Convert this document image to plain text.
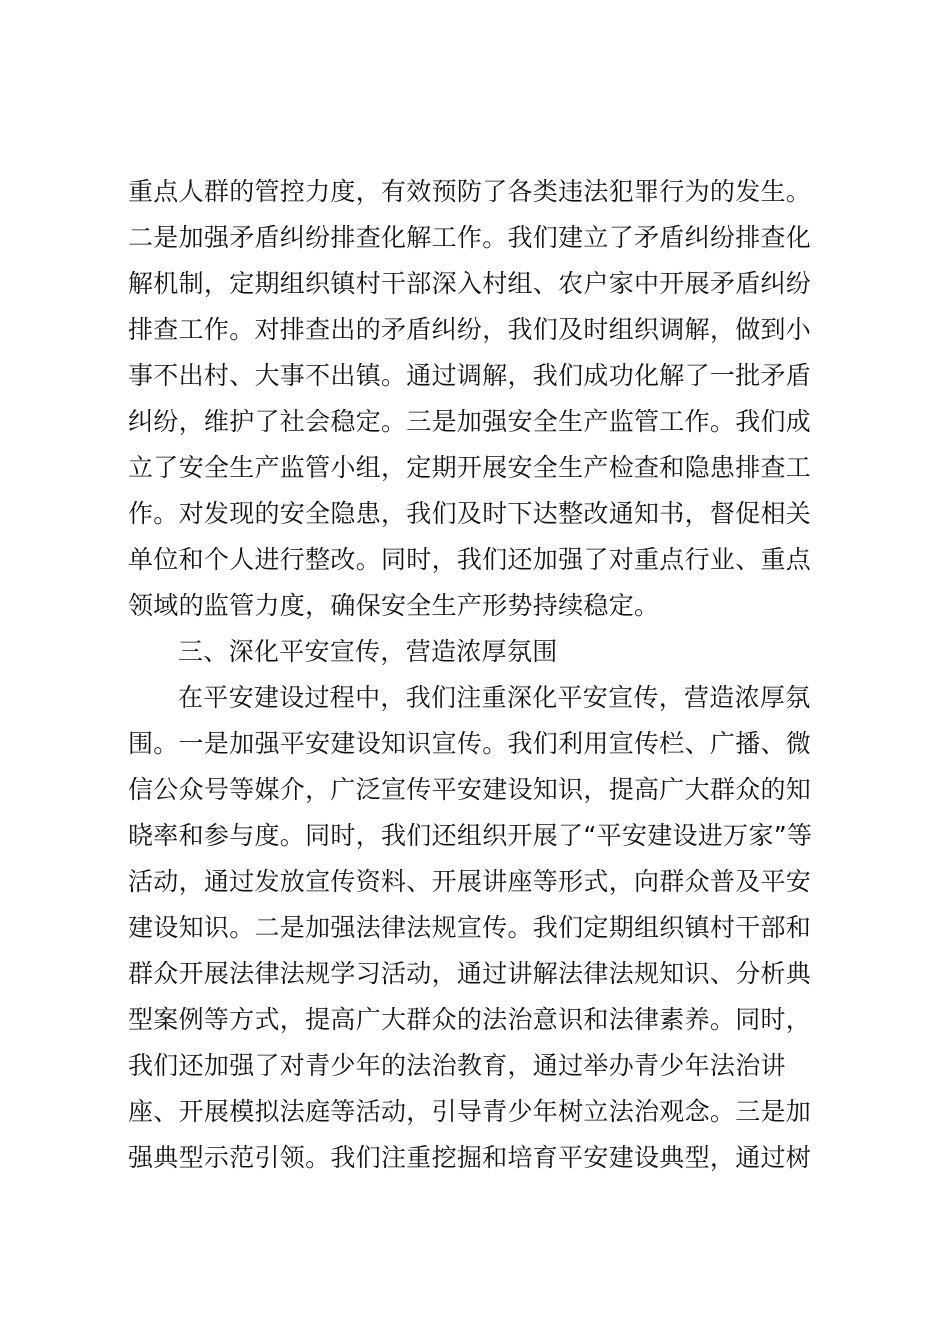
重点人群的管控力度，有效预防了各类违法犯罪行为的发生。
二是加强矛盾纠纷排查化解工作。我们建立了矛盾纠纷排查化
解机制，定期组织镇村干部深入村组、农户家中开展矛盾纠纷
排查工作。对排查出的矛盾纠纷，我们及时组织调解，做到小
事不出村、大事不出镇。通过调解，我们成功化解了一批矛盾
纠纷，维护了社会稳定。三是加强安全生产监管工作。我们成
立了安全生产监管小组，定期开展安全生产检查和隐患排查工
作。对发现的安全隐患，我们及时下达整改通知书，督促相关
单位和个人进行整改。同时，我们还加强了对重点行业、重点
领域的监管力度，确保安全生产形势持续稳定。
三、深化平安宣传，营造浓厚氛围
在平安建设过程中，我们注重深化平安宣传，营造浓厚氛
围。一是加强平安建设知识宣传。我们利用宣传栏、广播、微
信公众号等媒介，广泛宣传平安建设知识，提高广大群众的知
晓率和参与度。同时，我们还组织开展了“平安建设进万家”等
活动，通过发放宣传资料、开展讲座等形式，向群众普及平安
建设知识。二是加强法律法规宣传。我们定期组织镇村干部和
群众开展法律法规学习活动，通过讲解法律法规知识、分析典
型案例等方式，提高广大群众的法治意识和法律素养。同时，
我们还加强了对青少年的法治教育，通过举办青少年法治讲
座、开展模拟法庭等活动，引导青少年树立法治观念。三是加
强典型示范引领。我们注重挖掘和培育平安建设典型，通过树
